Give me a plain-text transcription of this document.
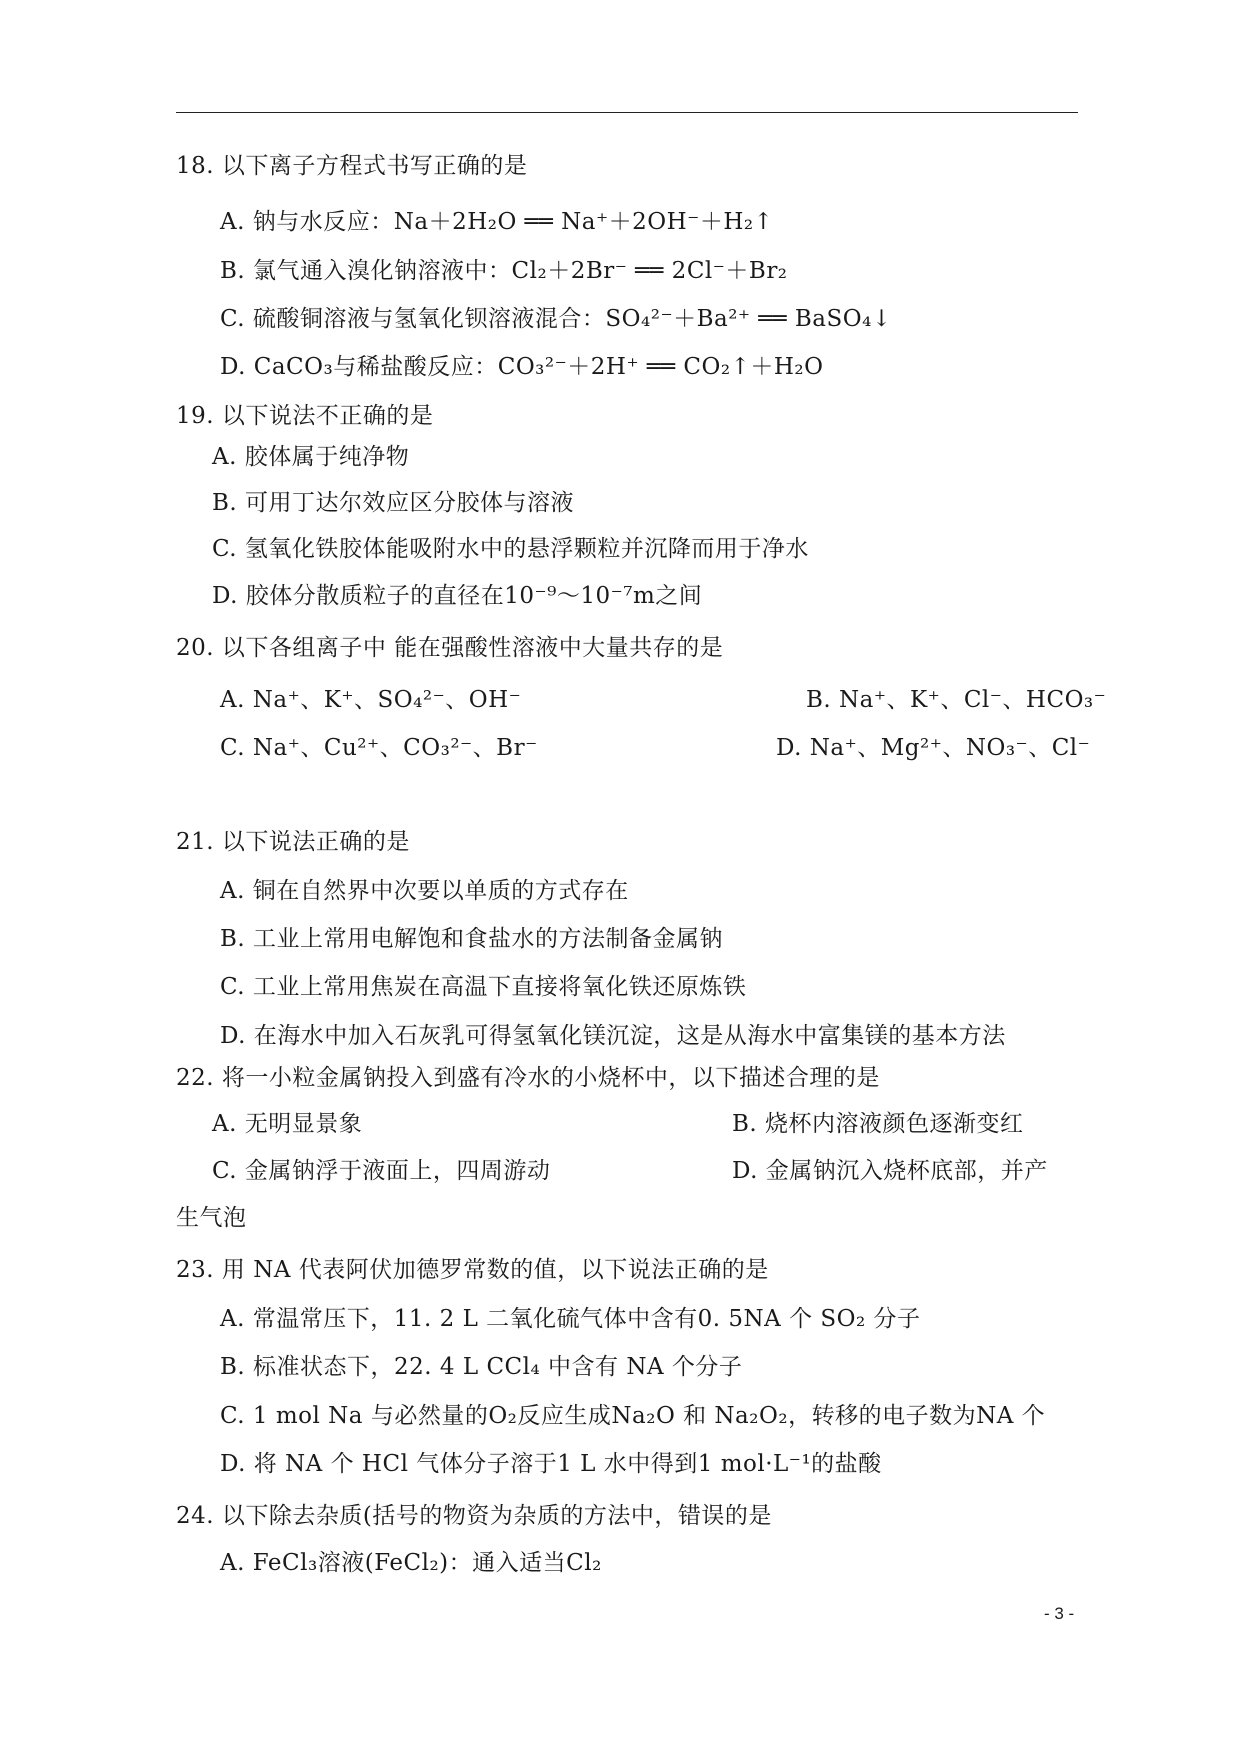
18. 以下离子方程式书写正确的是
A. 钠与水反应：Na＋2H₂O ══ Na⁺＋2OH⁻＋H₂↑
B. 氯气通入溴化钠溶液中：Cl₂＋2Br⁻ ══ 2Cl⁻＋Br₂
C. 硫酸铜溶液与氢氧化钡溶液混合：SO₄²⁻＋Ba²⁺ ══ BaSO₄↓
D. CaCO₃与稀盐酸反应：CO₃²⁻＋2H⁺ ══ CO₂↑＋H₂O
19. 以下说法不正确的是
A. 胶体属于纯净物
B. 可用丁达尔效应区分胶体与溶液
C. 氢氧化铁胶体能吸附水中的悬浮颗粒并沉降而用于净水
D. 胶体分散质粒子的直径在10⁻⁹～10⁻⁷m之间
20. 以下各组离子中 能在强酸性溶液中大量共存的是
A. Na⁺、K⁺、SO₄²⁻、OH⁻	B. Na⁺、K⁺、Cl⁻、HCO₃⁻
C. Na⁺、Cu²⁺、CO₃²⁻、Br⁻	D. Na⁺、Mg²⁺、NO₃⁻、Cl⁻
21. 以下说法正确的是
A. 铜在自然界中次要以单质的方式存在
B. 工业上常用电解饱和食盐水的方法制备金属钠
C. 工业上常用焦炭在高温下直接将氧化铁还原炼铁
D. 在海水中加入石灰乳可得氢氧化镁沉淀，这是从海水中富集镁的基本方法
22. 将一小粒金属钠投入到盛有冷水的小烧杯中，以下描述合理的是
A. 无明显景象	B. 烧杯内溶液颜色逐渐变红
C. 金属钠浮于液面上，四周游动	D. 金属钠沉入烧杯底部，并产
生气泡
23. 用 NA 代表阿伏加德罗常数的值，以下说法正确的是
A. 常温常压下，11. 2 L 二氧化硫气体中含有0. 5NA 个 SO₂ 分子
B. 标准状态下，22. 4 L CCl₄ 中含有 NA 个分子
C. 1 mol Na 与必然量的O₂反应生成Na₂O 和 Na₂O₂，转移的电子数为NA 个
D. 将 NA 个 HCl 气体分子溶于1 L 水中得到1 mol·L⁻¹的盐酸
24. 以下除去杂质(括号的物资为杂质的方法中，错误的是
A. FeCl₃溶液(FeCl₂)：通入适当Cl₂
- 3 -
